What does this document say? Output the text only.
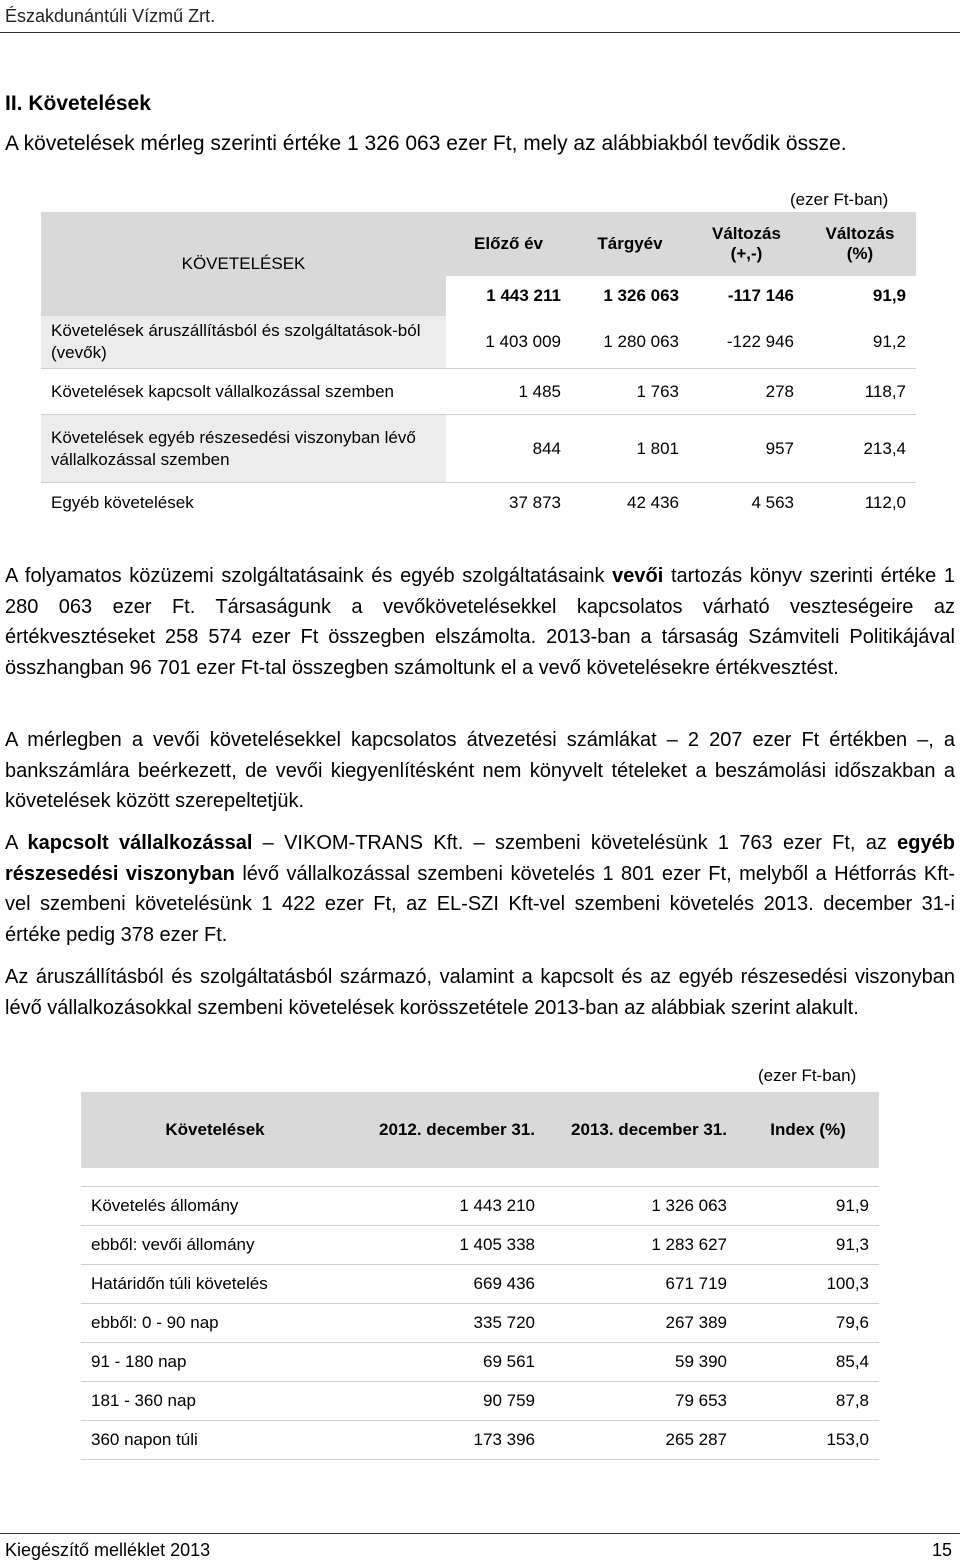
Északdunántúli Vízmű Zrt.
II. Követelések
A követelések mérleg szerinti értéke 1 326 063 ezer Ft, mely az alábbiakból tevődik össze.
(ezer Ft-ban)
KÖVETELÉSEK	Előző év	Tárgyév	Változás (+,-)	Változás (%)
	1 443 211	1 326 063	-117 146	91,9
Követelések áruszállításból és szolgáltatások-ból (vevők)	1 403 009	1 280 063	-122 946	91,2
Követelések kapcsolt vállalkozással szemben	1 485	1 763	278	118,7
Követelések egyéb részesedési viszonyban lévő vállalkozással szemben	844	1 801	957	213,4
Egyéb követelések	37 873	42 436	4 563	112,0
A folyamatos közüzemi szolgáltatásaink és egyéb szolgáltatásaink vevői tartozás könyv szerinti értéke 1 280 063 ezer Ft. Társaságunk a vevőkövetelésekkel kapcsolatos várható veszteségeire az értékvesztéseket 258 574 ezer Ft összegben elszámolta. 2013-ban a társaság Számviteli Politikájával összhangban 96 701 ezer Ft-tal összegben számoltunk el a vevő követelésekre értékvesztést.
A mérlegben a vevői követelésekkel kapcsolatos átvezetési számlákat – 2 207 ezer Ft értékben –, a bankszámlára beérkezett, de vevői kiegyenlítésként nem könyvelt tételeket a beszámolási időszakban a követelések között szerepeltetjük.
A kapcsolt vállalkozással – VIKOM-TRANS Kft. – szembeni követelésünk 1 763 ezer Ft, az egyéb részesedési viszonyban lévő vállalkozással szembeni követelés 1 801 ezer Ft, melyből a Hétforrás Kft-vel szembeni követelésünk 1 422 ezer Ft, az EL-SZI Kft-vel szembeni követelés 2013. december 31-i értéke pedig 378 ezer Ft.
Az áruszállításból és szolgáltatásból származó, valamint a kapcsolt és az egyéb részesedési viszonyban lévő vállalkozásokkal szembeni követelések korösszetétele 2013-ban az alábbiak szerint alakult.
(ezer Ft-ban)
Követelések	2012. december 31.	2013. december 31.	Index (%)

Követelés állomány	1 443 210	1 326 063	91,9
ebből: vevői állomány	1 405 338	1 283 627	91,3
Határidőn túli követelés	669 436	671 719	100,3
ebből: 0 - 90 nap	335 720	267 389	79,6
91 - 180 nap	69 561	59 390	85,4
181 - 360 nap	90 759	79 653	87,8
360 napon túli	173 396	265 287	153,0
Kiegészítő melléklet 2013	15
